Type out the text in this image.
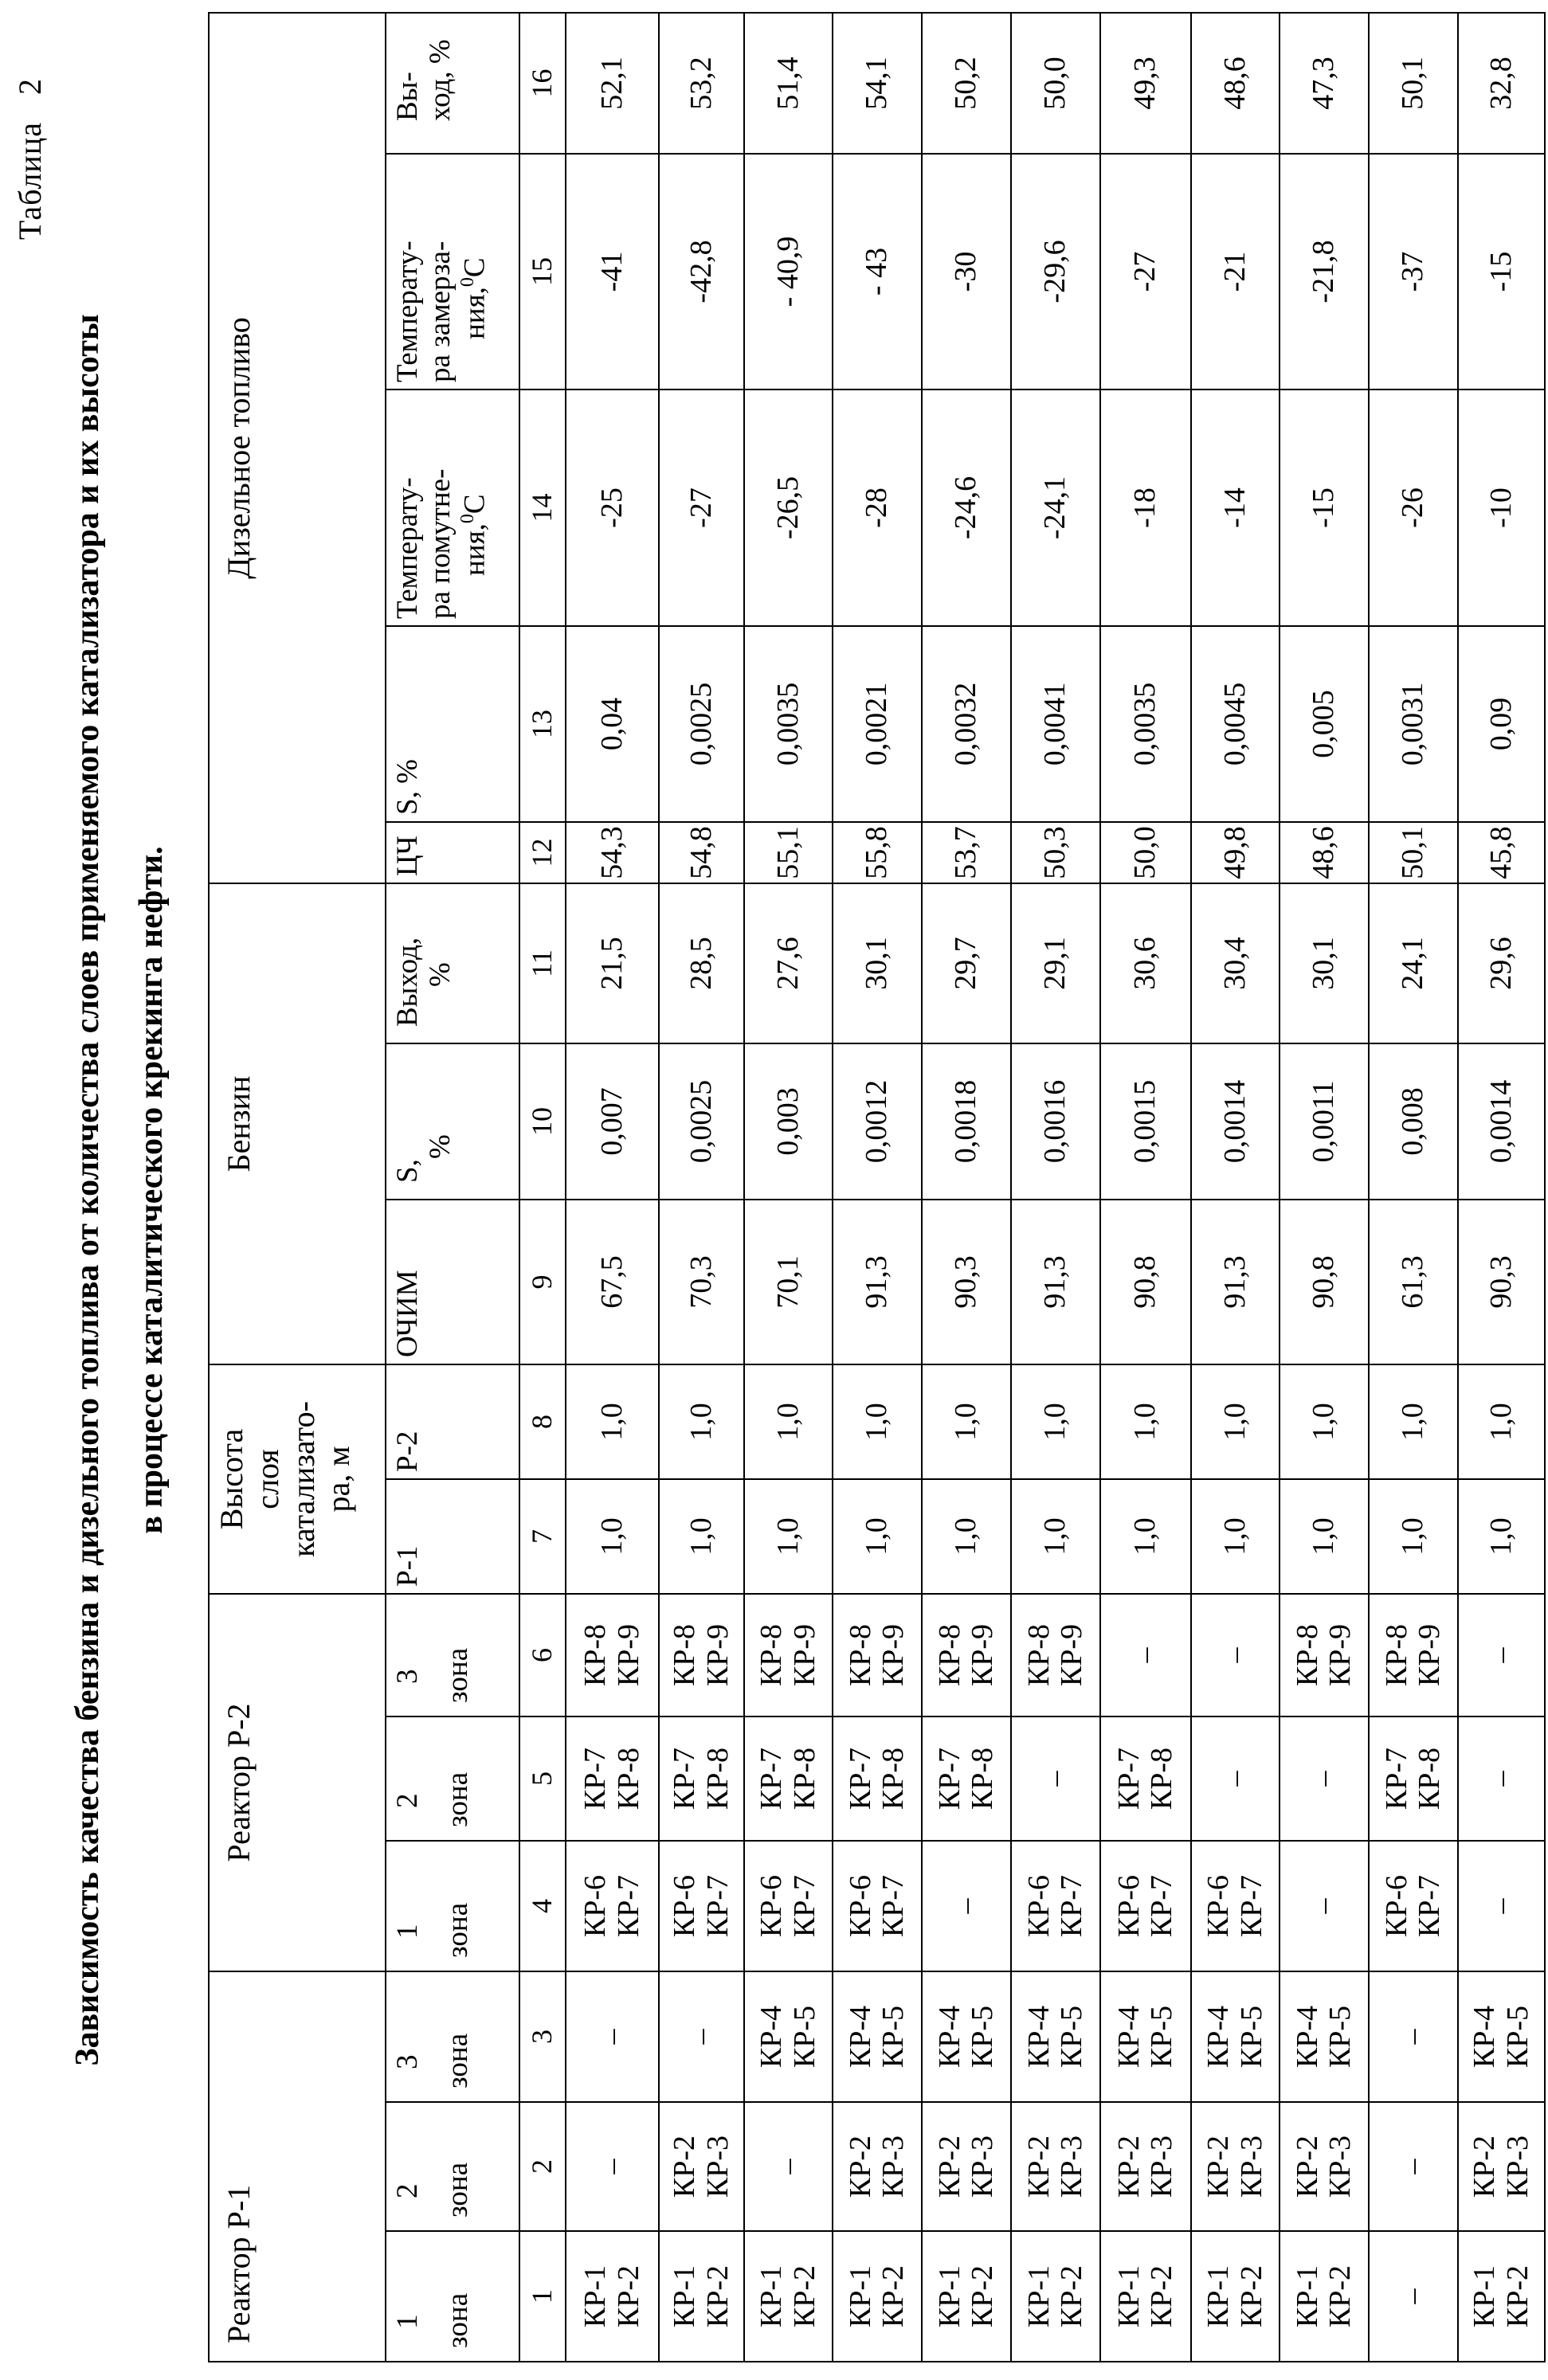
Таблица2
Зависимость качества бензина и дизельного топлива от количества слоев применяемого катализатора и их высоты в процессе каталитического крекинга нефти.
Реактор Р-1
Реактор Р-2
Высота слоя катализато- ра, м
Бензин
Дизельное топливо
1 зона
2 зона
3 зона
1 зона
2 зона
3 зона
Р-1
Р-2
ОЧИМ
S,
%
Выход, %
ЦЧ
S, %
Температу- ра помутне- ния,0С
Температу- ра замерза- ния,0С
Вы- ход, %
1
2
3
4
5
6
7
8
9
10
11
12
13
14
15
16
КР-1 КР-2
–
–
КР-6 КР-7
КР-7 КР-8
КР-8 КР-9
1,0
1,0
67,5
0,007
21,5
54,3
0,04
-25
-41
52,1
КР-1 КР-2
КР-2 КР-3
–
КР-6 КР-7
КР-7 КР-8
КР-8 КР-9
1,0
1,0
70,3
0,0025
28,5
54,8
0,0025
-27
-42,8
53,2
КР-1 КР-2
–
КР-4 КР-5
КР-6 КР-7
КР-7 КР-8
КР-8 КР-9
1,0
1,0
70,1
0,003
27,6
55,1
0,0035
-26,5
- 40,9
51,4
КР-1 КР-2
КР-2 КР-3
КР-4 КР-5
КР-6 КР-7
КР-7 КР-8
КР-8 КР-9
1,0
1,0
91,3
0,0012
30,1
55,8
0,0021
-28
- 43
54,1
КР-1 КР-2
КР-2 КР-3
КР-4 КР-5
–
КР-7 КР-8
КР-8 КР-9
1,0
1,0
90,3
0,0018
29,7
53,7
0,0032
-24,6
-30
50,2
КР-1 КР-2
КР-2 КР-3
КР-4 КР-5
КР-6 КР-7
–
КР-8 КР-9
1,0
1,0
91,3
0,0016
29,1
50,3
0,0041
-24,1
-29,6
50,0
КР-1 КР-2
КР-2 КР-3
КР-4 КР-5
КР-6 КР-7
КР-7 КР-8
–
1,0
1,0
90,8
0,0015
30,6
50,0
0,0035
-18
-27
49,3
КР-1 КР-2
КР-2 КР-3
КР-4 КР-5
КР-6 КР-7
–
–
1,0
1,0
91,3
0,0014
30,4
49,8
0,0045
-14
-21
48,6
КР-1 КР-2
КР-2 КР-3
КР-4 КР-5
–
–
КР-8 КР-9
1,0
1,0
90,8
0,0011
30,1
48,6
0,005
-15
-21,8
47,3
–
–
–
КР-6 КР-7
КР-7 КР-8
КР-8 КР-9
1,0
1,0
61,3
0,008
24,1
50,1
0,0031
-26
-37
50,1
КР-1 КР-2
КР-2 КР-3
КР-4 КР-5
–
–
–
1,0
1,0
90,3
0,0014
29,6
45,8
0,09
-10
-15
32,8
